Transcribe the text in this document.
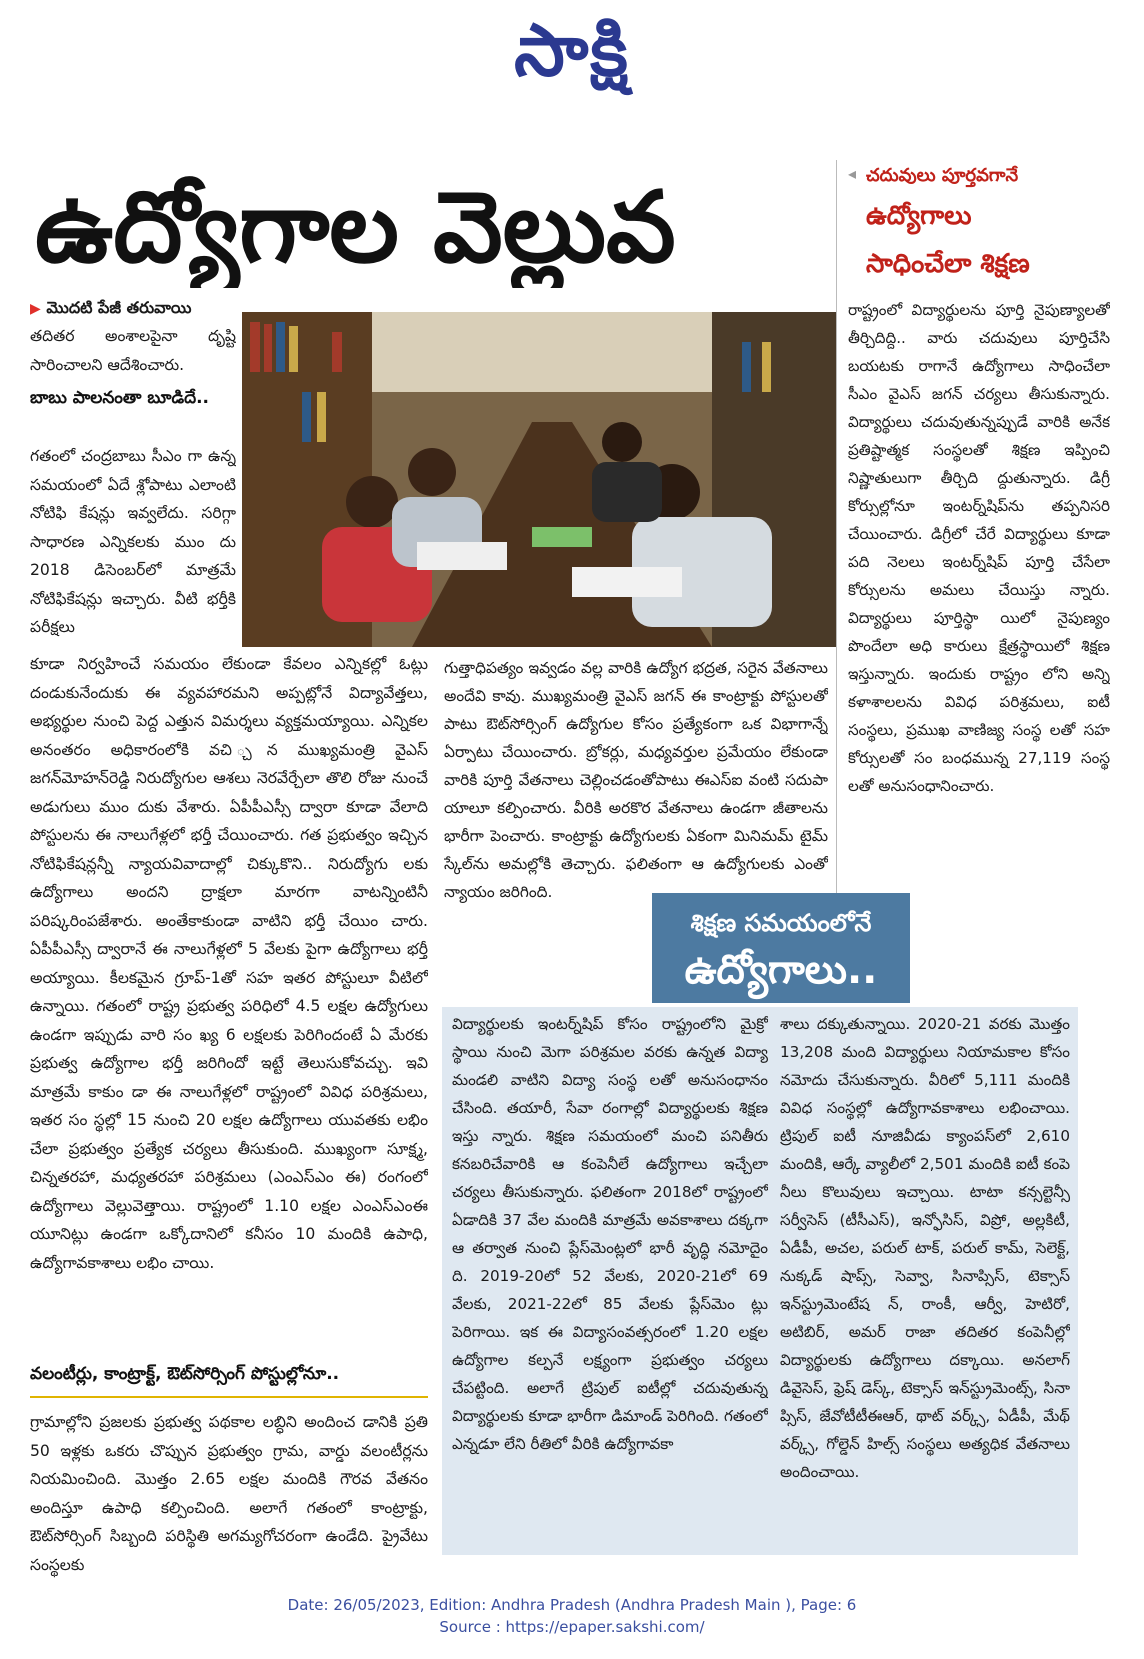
సాక్షి
ఉద్యోగాల వెల్లువ	◂ చదువులు పూర్తవగానే
ఉద్యోగాలు
సాధించేలా శిక్షణ

రాష్ట్రంలో విద్యార్థులను పూర్తి నైపుణ్యాలతో తీర్చిదిద్ది.. వారు చదువులు పూర్తిచేసి బయటకు రాగానే ఉద్యోగాలు సాధించేలా సీఎం వైఎస్ జగన్ చర్యలు తీసుకున్నారు. విద్యార్థులు చదువుతున్నప్పుడే వారికి అనేక ప్రతిష్టాత్మక సంస్థలతో శిక్షణ ఇప్పించి నిష్ణాతులుగా తీర్చిది ద్దుతున్నారు. డిగ్రీ కోర్సుల్లోనూ ఇంటర్న్‌షిప్‌ను తప్పనిసరి చేయించారు. డిగ్రీలో చేరే విద్యార్థులు కూడా పది నెలలు ఇంటర్న్‌షిప్ పూర్తి చేసేలా కోర్సులను అమలు చేయిస్తు న్నారు. విద్యార్థులు పూర్తిస్థా యిలో నైపుణ్యం పొందేలా అధి కారులు క్షేత్రస్థాయిలో శిక్షణ ఇస్తున్నారు. ఇందుకు రాష్ట్రం లోని అన్ని కళాశాలలను వివిధ పరిశ్రమలు, ఐటీ సంస్థలు, ప్రముఖ వాణిజ్య సంస్థ లతో సహ కోర్సులతో సం బంధమున్న 27,119 సంస్థ లతో అనుసంధానించారు.

▶ మొదటి పేజీ తరువాయి
తదితర అంశాలపైనా దృష్టి సారించాలని ఆదేశించారు.
బాబు పాలనంతా బూడిదే..
గతంలో చంద్రబాబు సీఎం గా ఉన్న సమయంలో ఏదే శ్లోపాటు ఎలాంటి నోటిఫి కేషన్లు ఇవ్వలేదు. సరిగ్గా సాధారణ ఎన్నికలకు ముం దు 2018 డిసెంబర్‌లో మాత్రమే నోటిఫికేషన్లు ఇచ్చారు. వీటి భర్తీకి పరీక్షలు
కూడా నిర్వహించే సమయం లేకుండా కేవలం ఎన్నికల్లో ఓట్లు దండుకునేందుకు ఈ వ్యవహారమని అప్పట్లోనే విద్యావేత్తలు, అభ్యర్థుల నుంచి పెద్ద ఎత్తున విమర్శలు వ్యక్తమయ్యాయి. ఎన్నికల అనంతరం అధికారంలోకి వచి ్చన ముఖ్యమంత్రి వైఎస్ జగన్‌మోహన్‌రెడ్డి నిరుద్యోగుల ఆశలు నెరవేర్చేలా తొలి రోజు నుంచే అడుగులు ముం దుకు వేశారు. ఏపీపీఎస్సీ ద్వారా కూడా వేలాది పోస్టులను ఈ నాలుగేళ్లలో భర్తీ చేయించారు. గత ప్రభుత్వం ఇచ్చిన నోటిఫికేషన్లన్నీ న్యాయవివాదాల్లో చిక్కుకొని.. నిరుద్యోగు లకు ఉద్యోగాలు అందని ద్రాక్షలా మారగా వాటన్నింటినీ పరిష్కరింపజేశారు. అంతేకాకుండా వాటిని భర్తీ చేయిం చారు. ఏపీపీఎస్సీ ద్వారానే ఈ నాలుగేళ్లలో 5 వేలకు పైగా ఉద్యోగాలు భర్తీ అయ్యాయి. కీలకమైన గ్రూప్-1తో సహ ఇతర పోస్టులూ వీటిలో ఉన్నాయి. గతంలో రాష్ట్ర ప్రభుత్వ పరిధిలో 4.5 లక్షల ఉద్యోగులు ఉండగా ఇప్పుడు వారి సం ఖ్య 6 లక్షలకు పెరిగిందంటే ఏ మేరకు ప్రభుత్వ ఉద్యోగాల భర్తీ జరిగిందో ఇట్టే తెలుసుకోవచ్చు. ఇవి మాత్రమే కాకుం డా ఈ నాలుగేళ్లలో రాష్ట్రంలో వివిధ పరిశ్రమలు, ఇతర సం స్థల్లో 15 నుంచి 20 లక్షల ఉద్యోగాలు యువతకు లభిం చేలా ప్రభుత్వం ప్రత్యేక చర్యలు తీసుకుంది. ముఖ్యంగా సూక్ష్మ, చిన్నతరహా, మధ్యతరహా పరిశ్రమలు (ఎంఎస్‌ఎం ఈ) రంగంలో ఉద్యోగాలు వెల్లువెత్తాయి. రాష్ట్రంలో 1.10 లక్షల ఎంఎస్‌ఎంఈ యూనిట్లు ఉండగా ఒక్కోదానిలో కనీసం 10 మందికి ఉపాధి, ఉద్యోగావకాశాలు లభిం చాయి.
వలంటీర్లు, కాంట్రాక్ట్, ఔట్‌సోర్సింగ్ పోస్టుల్లోనూ..
గ్రామాల్లోని ప్రజలకు ప్రభుత్వ పథకాల లబ్ధిని అందించ డానికి ప్రతి 50 ఇళ్లకు ఒకరు చొప్పున ప్రభుత్వం గ్రామ, వార్డు వలంటీర్లను నియమించింది. మొత్తం 2.65 లక్షల మందికి గౌరవ వేతనం అందిస్తూ ఉపాధి కల్పించింది. అలాగే గతంలో కాంట్రాక్టు, ఔట్‌సోర్సింగ్ సిబ్బంది పరిస్థితి అగమ్యగోచరంగా ఉండేది. ప్రైవేటు సంస్థలకు
గుత్తాధిపత్యం ఇవ్వడం వల్ల వారికి ఉద్యోగ భద్రత, సరైన వేతనాలు అందేవి కావు. ముఖ్యమంత్రి వైఎస్ జగన్ ఈ కాంట్రాక్టు పోస్టులతో పాటు ఔట్‌సోర్సింగ్ ఉద్యోగుల కోసం ప్రత్యేకంగా ఒక విభాగాన్నే ఏర్పాటు చేయించారు. బ్రోకర్లు, మధ్యవర్తుల ప్రమేయం లేకుండా వారికి పూర్తి వేతనాలు చెల్లించడంతోపాటు ఈఎస్ఐ వంటి సదుపా యాలూ కల్పించారు. వీరికి అరకొర వేతనాలు ఉండగా జీతాలను భారీగా పెంచారు. కాంట్రాక్టు ఉద్యోగులకు ఏకంగా మినిమమ్ టైమ్ స్కేల్‌ను అమల్లోకి తెచ్చారు. ఫలితంగా ఆ ఉద్యోగులకు ఎంతో న్యాయం జరిగింది.
విద్యార్థులకు ఇంటర్న్‌షిప్ కోసం రాష్ట్రంలోని మైక్రో స్థాయి నుంచి మెగా పరిశ్రమల వరకు ఉన్నత విద్యా మండలి వాటిని విద్యా సంస్థ లతో అనుసంధానం చేసింది. తయారీ, సేవా రంగాల్లో విద్యార్థులకు శిక్షణ ఇస్తు న్నారు. శిక్షణ సమయంలో మంచి పనితీరు కనబరిచేవారికి ఆ కంపెనీలే ఉద్యోగాలు ఇచ్చేలా చర్యలు తీసుకున్నారు. ఫలితంగా 2018లో రాష్ట్రంలో ఏడాదికి 37 వేల మందికి మాత్రమే అవకాశాలు దక్కగా ఆ తర్వాత నుంచి ప్లేస్‌మెంట్లలో భారీ వృద్ధి నమోదైం ది. 2019-20లో 52 వేలకు, 2020-21లో 69 వేలకు, 2021-22లో 85 వేలకు ప్లేస్‌మెం ట్లు పెరిగాయి. ఇక ఈ విద్యాసంవత్సరంలో 1.20 లక్షల ఉద్యోగాల కల్పనే లక్ష్యంగా ప్రభుత్వం చర్యలు చేపట్టింది. అలాగే ట్రిపుల్ ఐటీల్లో చదువుతున్న విద్యార్థులకు కూడా భారీగా డిమాండ్ పెరిగింది. గతంలో ఎన్నడూ లేని రీతిలో వీరికి ఉద్యోగావకా
శాలు దక్కుతున్నాయి. 2020-21 వరకు మొత్తం 13,208 మంది విద్యార్థులు నియామకాల కోసం నమోదు చేసుకున్నారు. వీరిలో 5,111 మందికి వివిధ సంస్థల్లో ఉద్యోగావకాశాలు లభించాయి. ట్రిపుల్ ఐటీ నూజివీడు క్యాంపస్‌లో 2,610 మందికి, ఆర్కే వ్యాలీలో 2,501 మందికి ఐటీ కంపె నీలు కొలువులు ఇచ్చాయి. టాటా కన్సల్టెన్సీ సర్వీసెస్ (టీసీఎస్), ఇన్ఫోసిస్, విప్రో, అల్లకిటీ, ఏడీపీ, అచల, పరుల్ టాక్, పరుల్ కామ్, సెలెక్ట్, నుక్కడ్ షాప్స్, సెవ్వా, సినాప్సిస్, టెక్సాస్ ఇన్‌స్ట్రుమెంటేష న్, రాంకీ, ఆర్వీ, హెటిరో, అటిబిర్, అమర్ రాజా తదితర కంపెనీల్లో విద్యార్థులకు ఉద్యోగాలు దక్కాయి. అనలాగ్ డివైసెస్, ఫ్రెష్ డెస్క్, టెక్సాస్ ఇన్‌స్ట్రుమెంట్స్, సినా ప్సిస్, జేవోటీటీఈఆర్, థాట్ వర్క్స్, ఏడీపీ, మేథ్ వర్క్స్, గోల్డెన్ హిల్స్ సంస్థలు అత్యధిక వేతనాలు అందించాయి.
శిక్షణ సమయంలోనే
ఉద్యోగాలు..
Date: 26/05/2023, Edition: Andhra Pradesh (Andhra Pradesh Main ), Page: 6
Source : https://epaper.sakshi.com/
